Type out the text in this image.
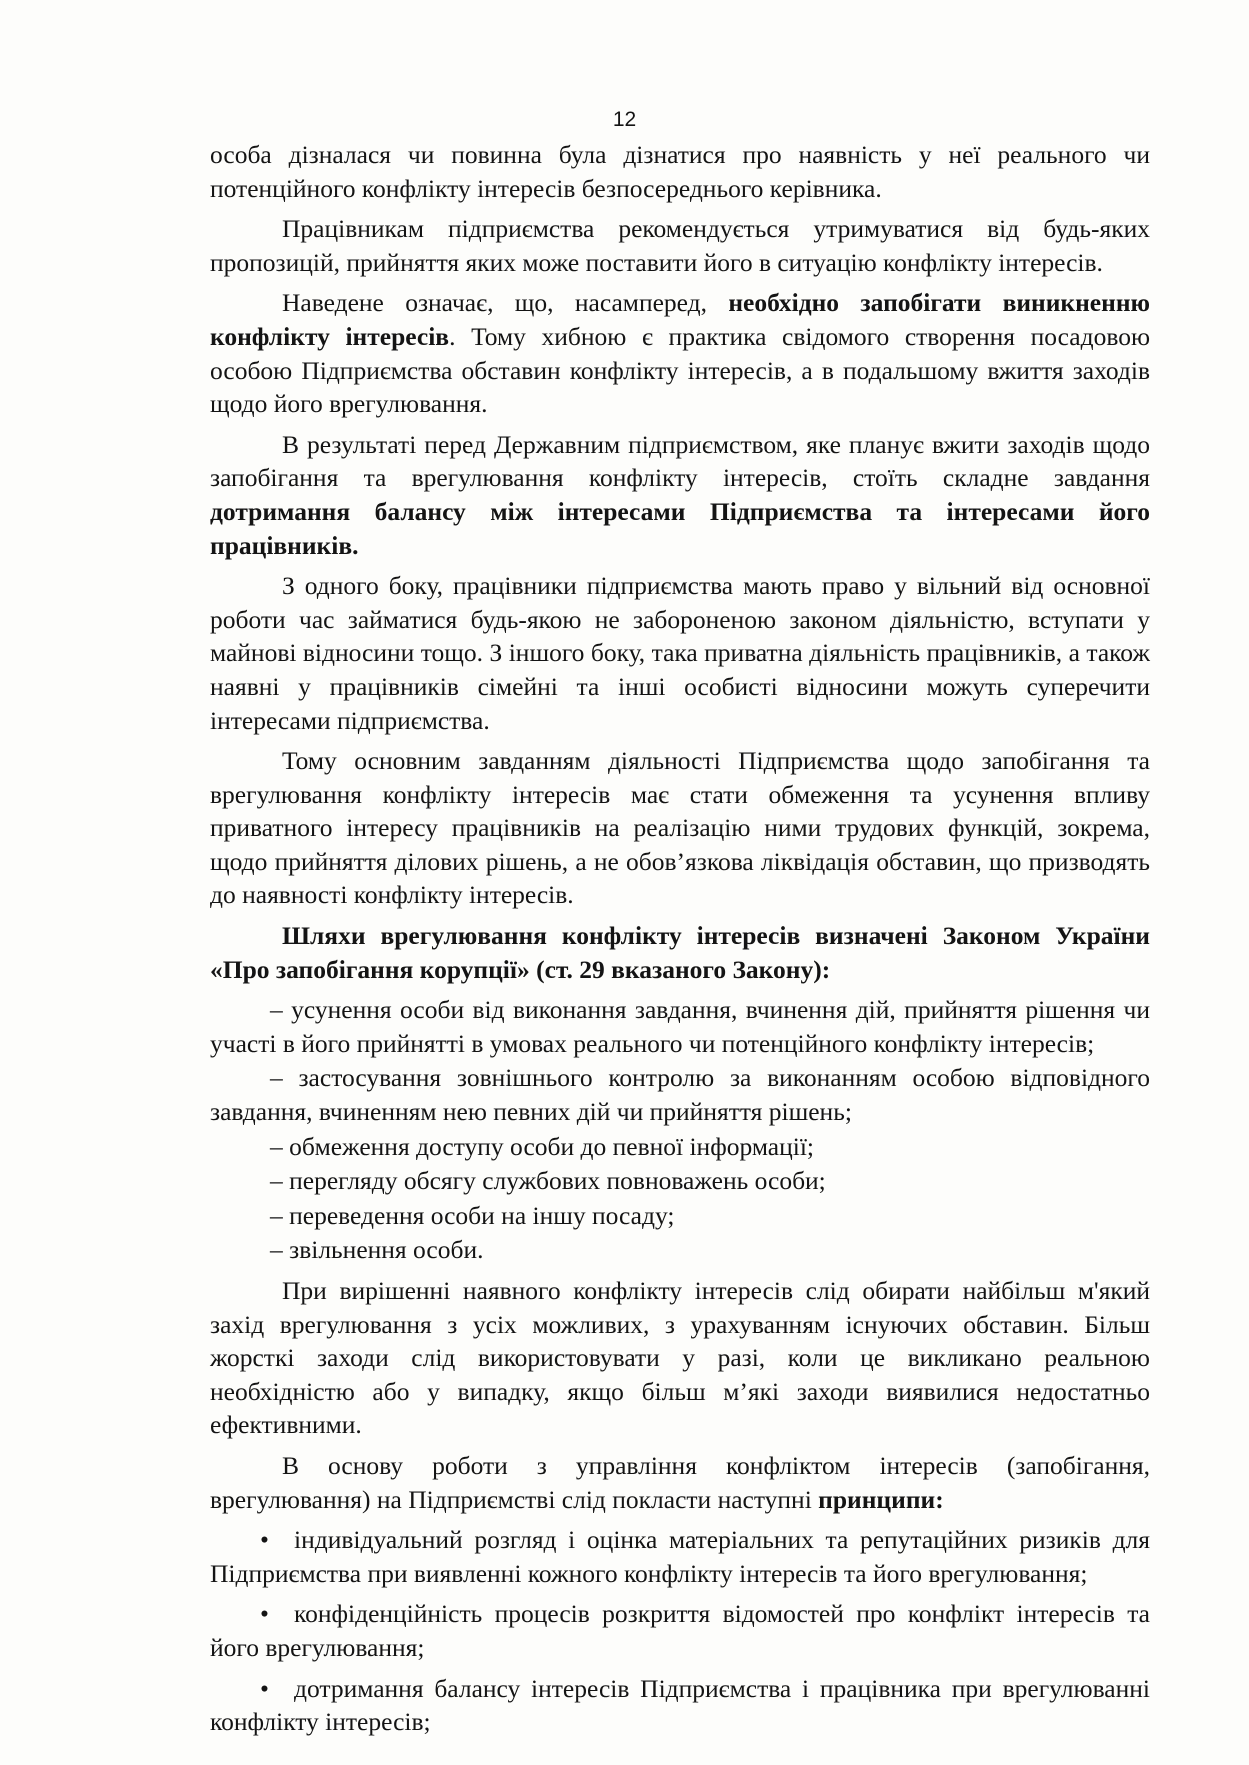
12

особа дізналася чи повинна була дізнатися про наявність у неї реального чи потенційного конфлікту інтересів безпосереднього керівника.

Працівникам підприємства рекомендується утримуватися від будь-яких пропозицій, прийняття яких може поставити його в ситуацію конфлікту інтересів.

Наведене означає, що, насамперед, необхідно запобігати виникненню конфлікту інтересів. Тому хибною є практика свідомого створення посадовою особою Підприємства обставин конфлікту інтересів, а в подальшому вжиття заходів щодо його врегулювання.

В результаті перед Державним підприємством, яке планує вжити заходів щодо запобігання та врегулювання конфлікту інтересів, стоїть складне завдання дотримання балансу між інтересами Підприємства та інтересами його працівників.

З одного боку, працівники підприємства мають право у вільний від основної роботи час займатися будь-якою не забороненою законом діяльністю, вступати у майнові відносини тощо. З іншого боку, така приватна діяльність працівників, а також наявні у працівників сімейні та інші особисті відносини можуть суперечити інтересами підприємства.

Тому основним завданням діяльності Підприємства щодо запобігання та врегулювання конфлікту інтересів має стати обмеження та усунення впливу приватного інтересу працівників на реалізацію ними трудових функцій, зокрема, щодо прийняття ділових рішень, а не обов’язкова ліквідація обставин, що призводять до наявності конфлікту інтересів.

Шляхи врегулювання конфлікту інтересів визначені Законом України «Про запобігання корупції» (ст. 29 вказаного Закону):

– усунення особи від виконання завдання, вчинення дій, прийняття рішення чи участі в його прийнятті в умовах реального чи потенційного конфлікту інтересів;

– застосування зовнішнього контролю за виконанням особою відповідного завдання, вчиненням нею певних дій чи прийняття рішень;

– обмеження доступу особи до певної інформації;

– перегляду обсягу службових повноважень особи;

– переведення особи на іншу посаду;

– звільнення особи.

При вирішенні наявного конфлікту інтересів слід обирати найбільш м'який захід врегулювання з усіх можливих, з урахуванням існуючих обставин. Більш жорсткі заходи слід використовувати у разі, коли це викликано реальною необхідністю або у випадку, якщо більш м’які заходи виявилися недостатньо ефективними.

В основу роботи з управління конфліктом інтересів (запобігання, врегулювання) на Підприємстві слід покласти наступні принципи:

• індивідуальний розгляд і оцінка матеріальних та репутаційних ризиків для Підприємства при виявленні кожного конфлікту інтересів та його врегулювання;

• конфіденційність процесів розкриття відомостей про конфлікт інтересів та його врегулювання;

• дотримання балансу інтересів Підприємства і працівника при врегулюванні конфлікту інтересів;
